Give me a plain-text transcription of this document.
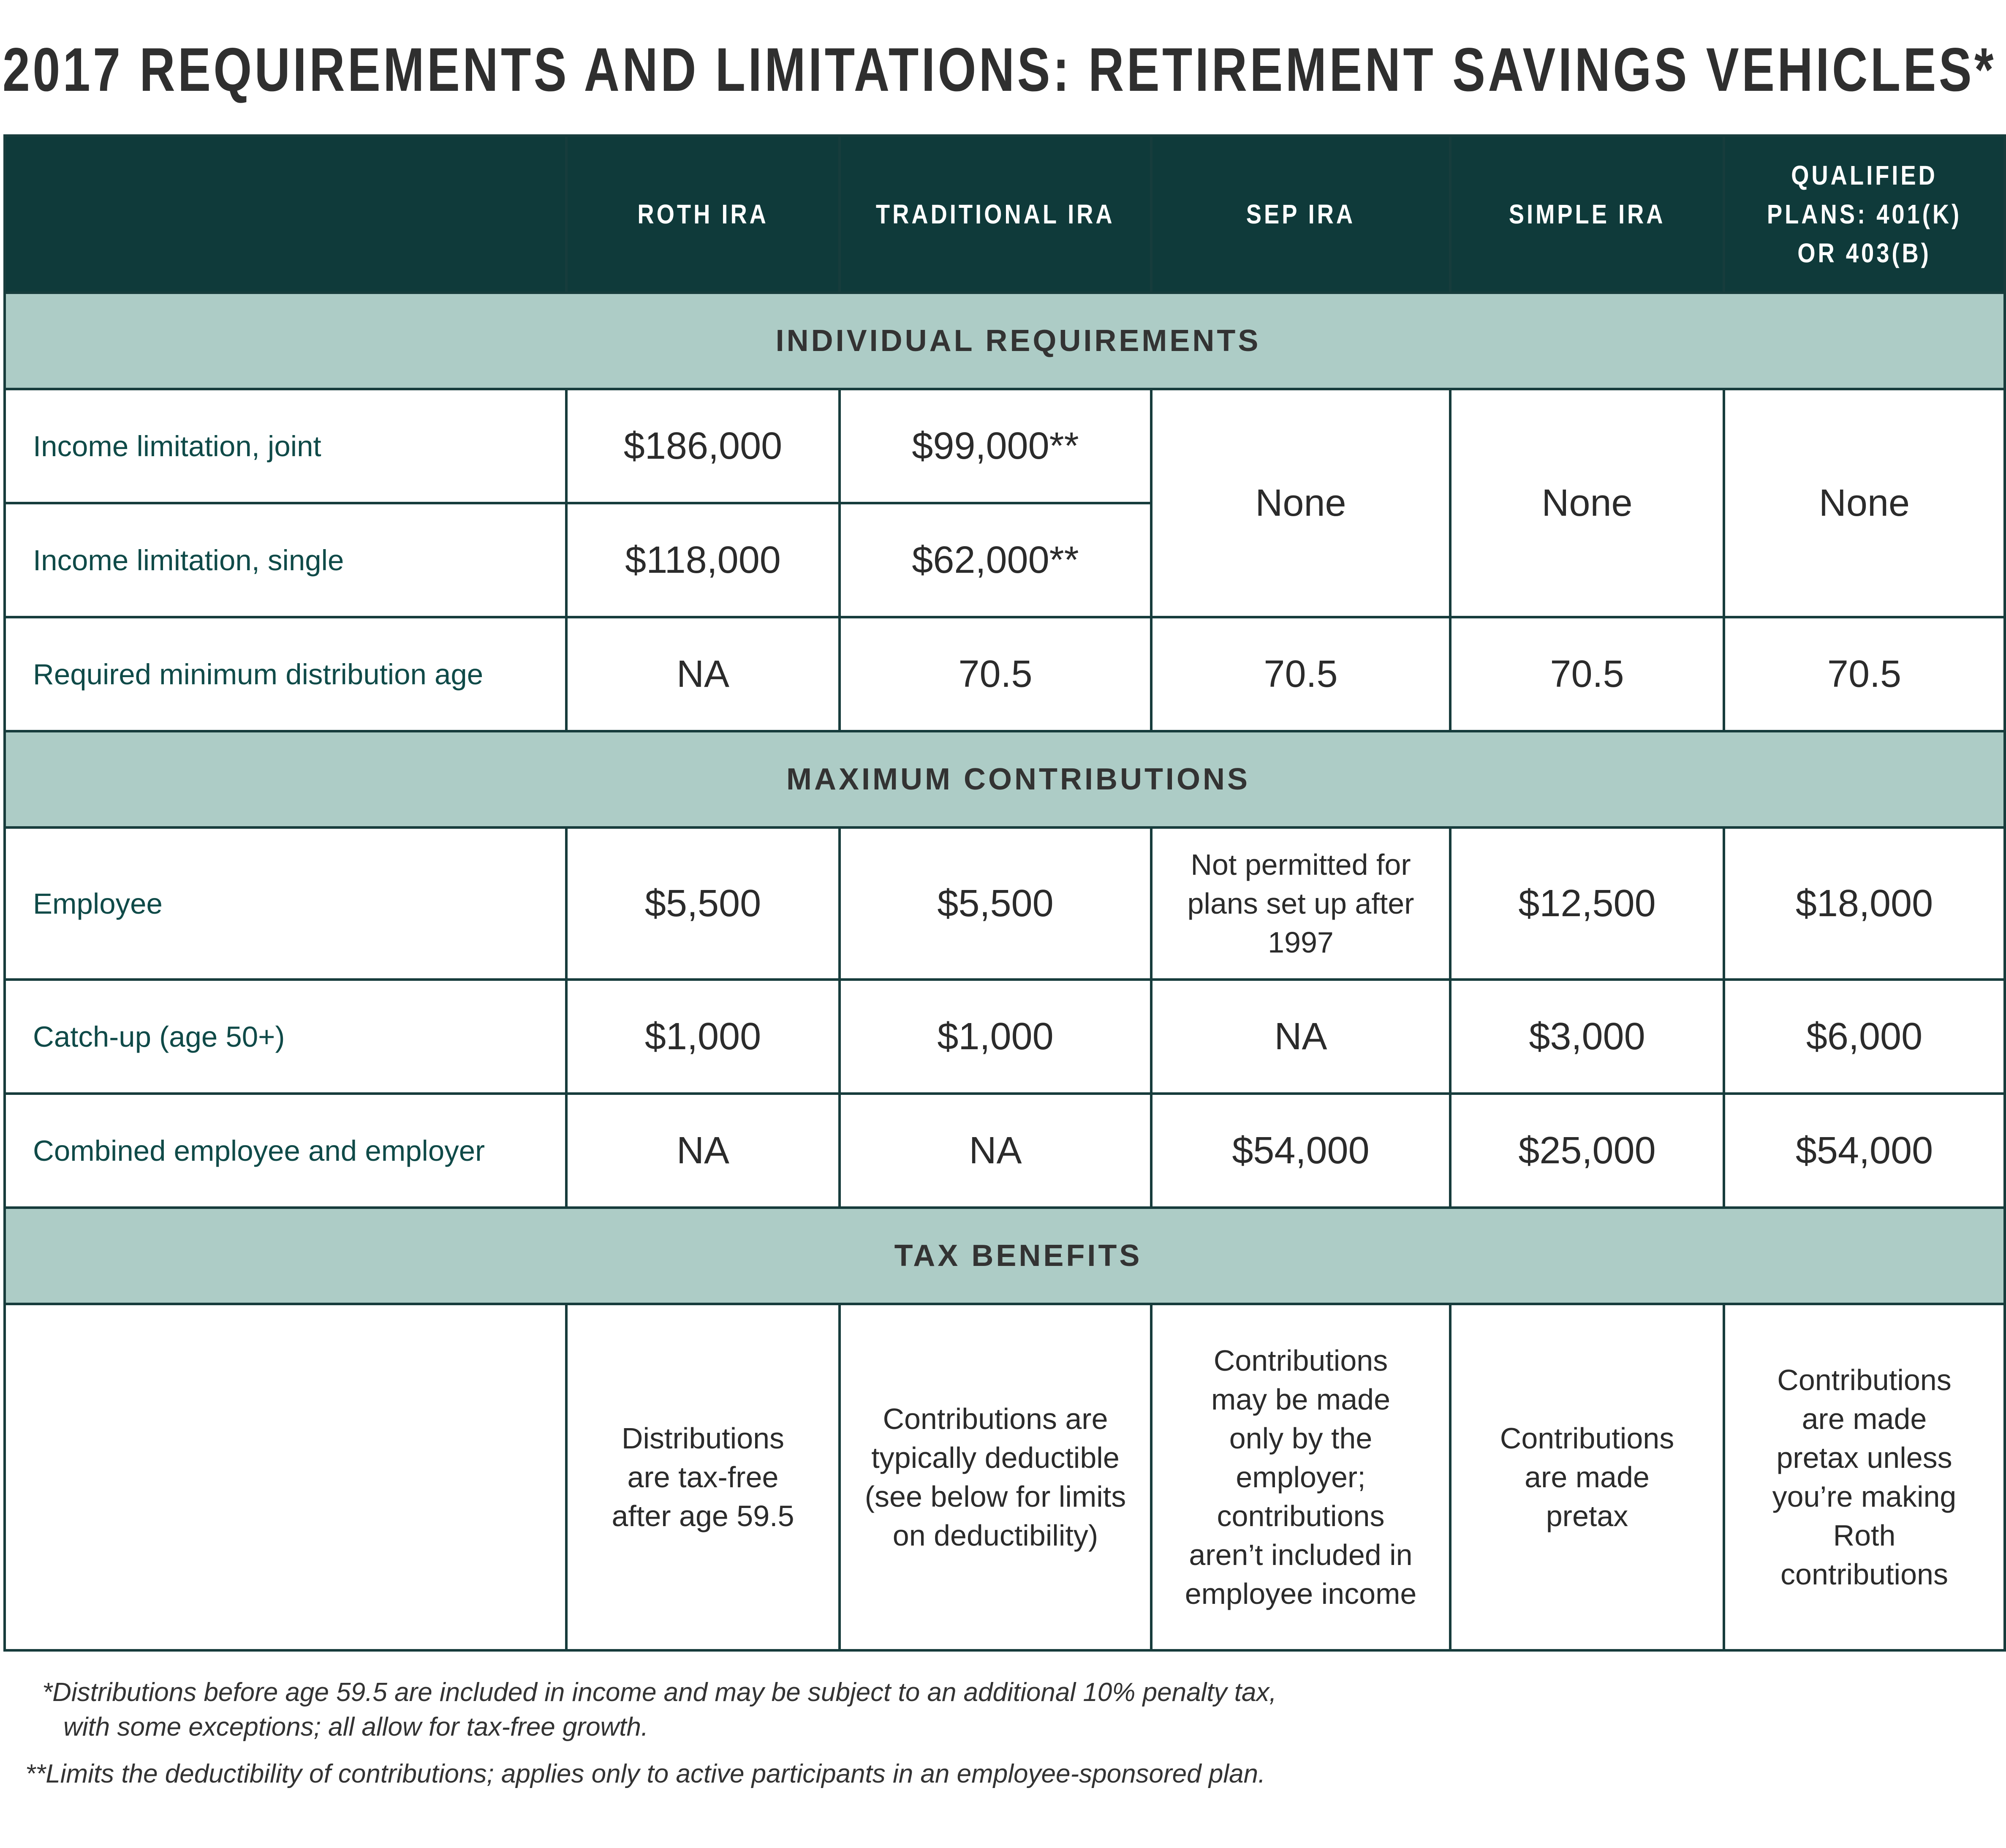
2017 REQUIREMENTS AND LIMITATIONS: RETIREMENT SAVINGS VEHICLES*
	ROTH IRA	TRADITIONAL IRA	SEP IRA	SIMPLE IRA	QUALIFIED PLANS: 401(K) OR 403(B)
INDIVIDUAL REQUIREMENTS					
Income limitation, joint	$186,000	$99,000**	None	None	None
Income limitation, single	$118,000	$62,000**			
Required minimum distribution age	NA	70.5	70.5	70.5	70.5
MAXIMUM CONTRIBUTIONS					
Employee	$5,500	$5,500	Not permitted for plans set up after 1997	$12,500	$18,000
Catch-up (age 50+)	$1,000	$1,000	NA	$3,000	$6,000
Combined employee and employer	NA	NA	$54,000	$25,000	$54,000
TAX BENEFITS					
	Distributions are tax-free after age 59.5	Contributions are typically deductible (see below for limits on deductibility)	Contributions may be made only by the employer; contributions aren’t included in employee income	Contributions are made pretax	Contributions are made pretax unless you’re making Roth contributions
*Distributions before age 59.5 are included in income and may be subject to an additional 10% penalty tax,
with some exceptions; all allow for tax-free growth.
**Limits the deductibility of contributions; applies only to active participants in an employee-sponsored plan.
